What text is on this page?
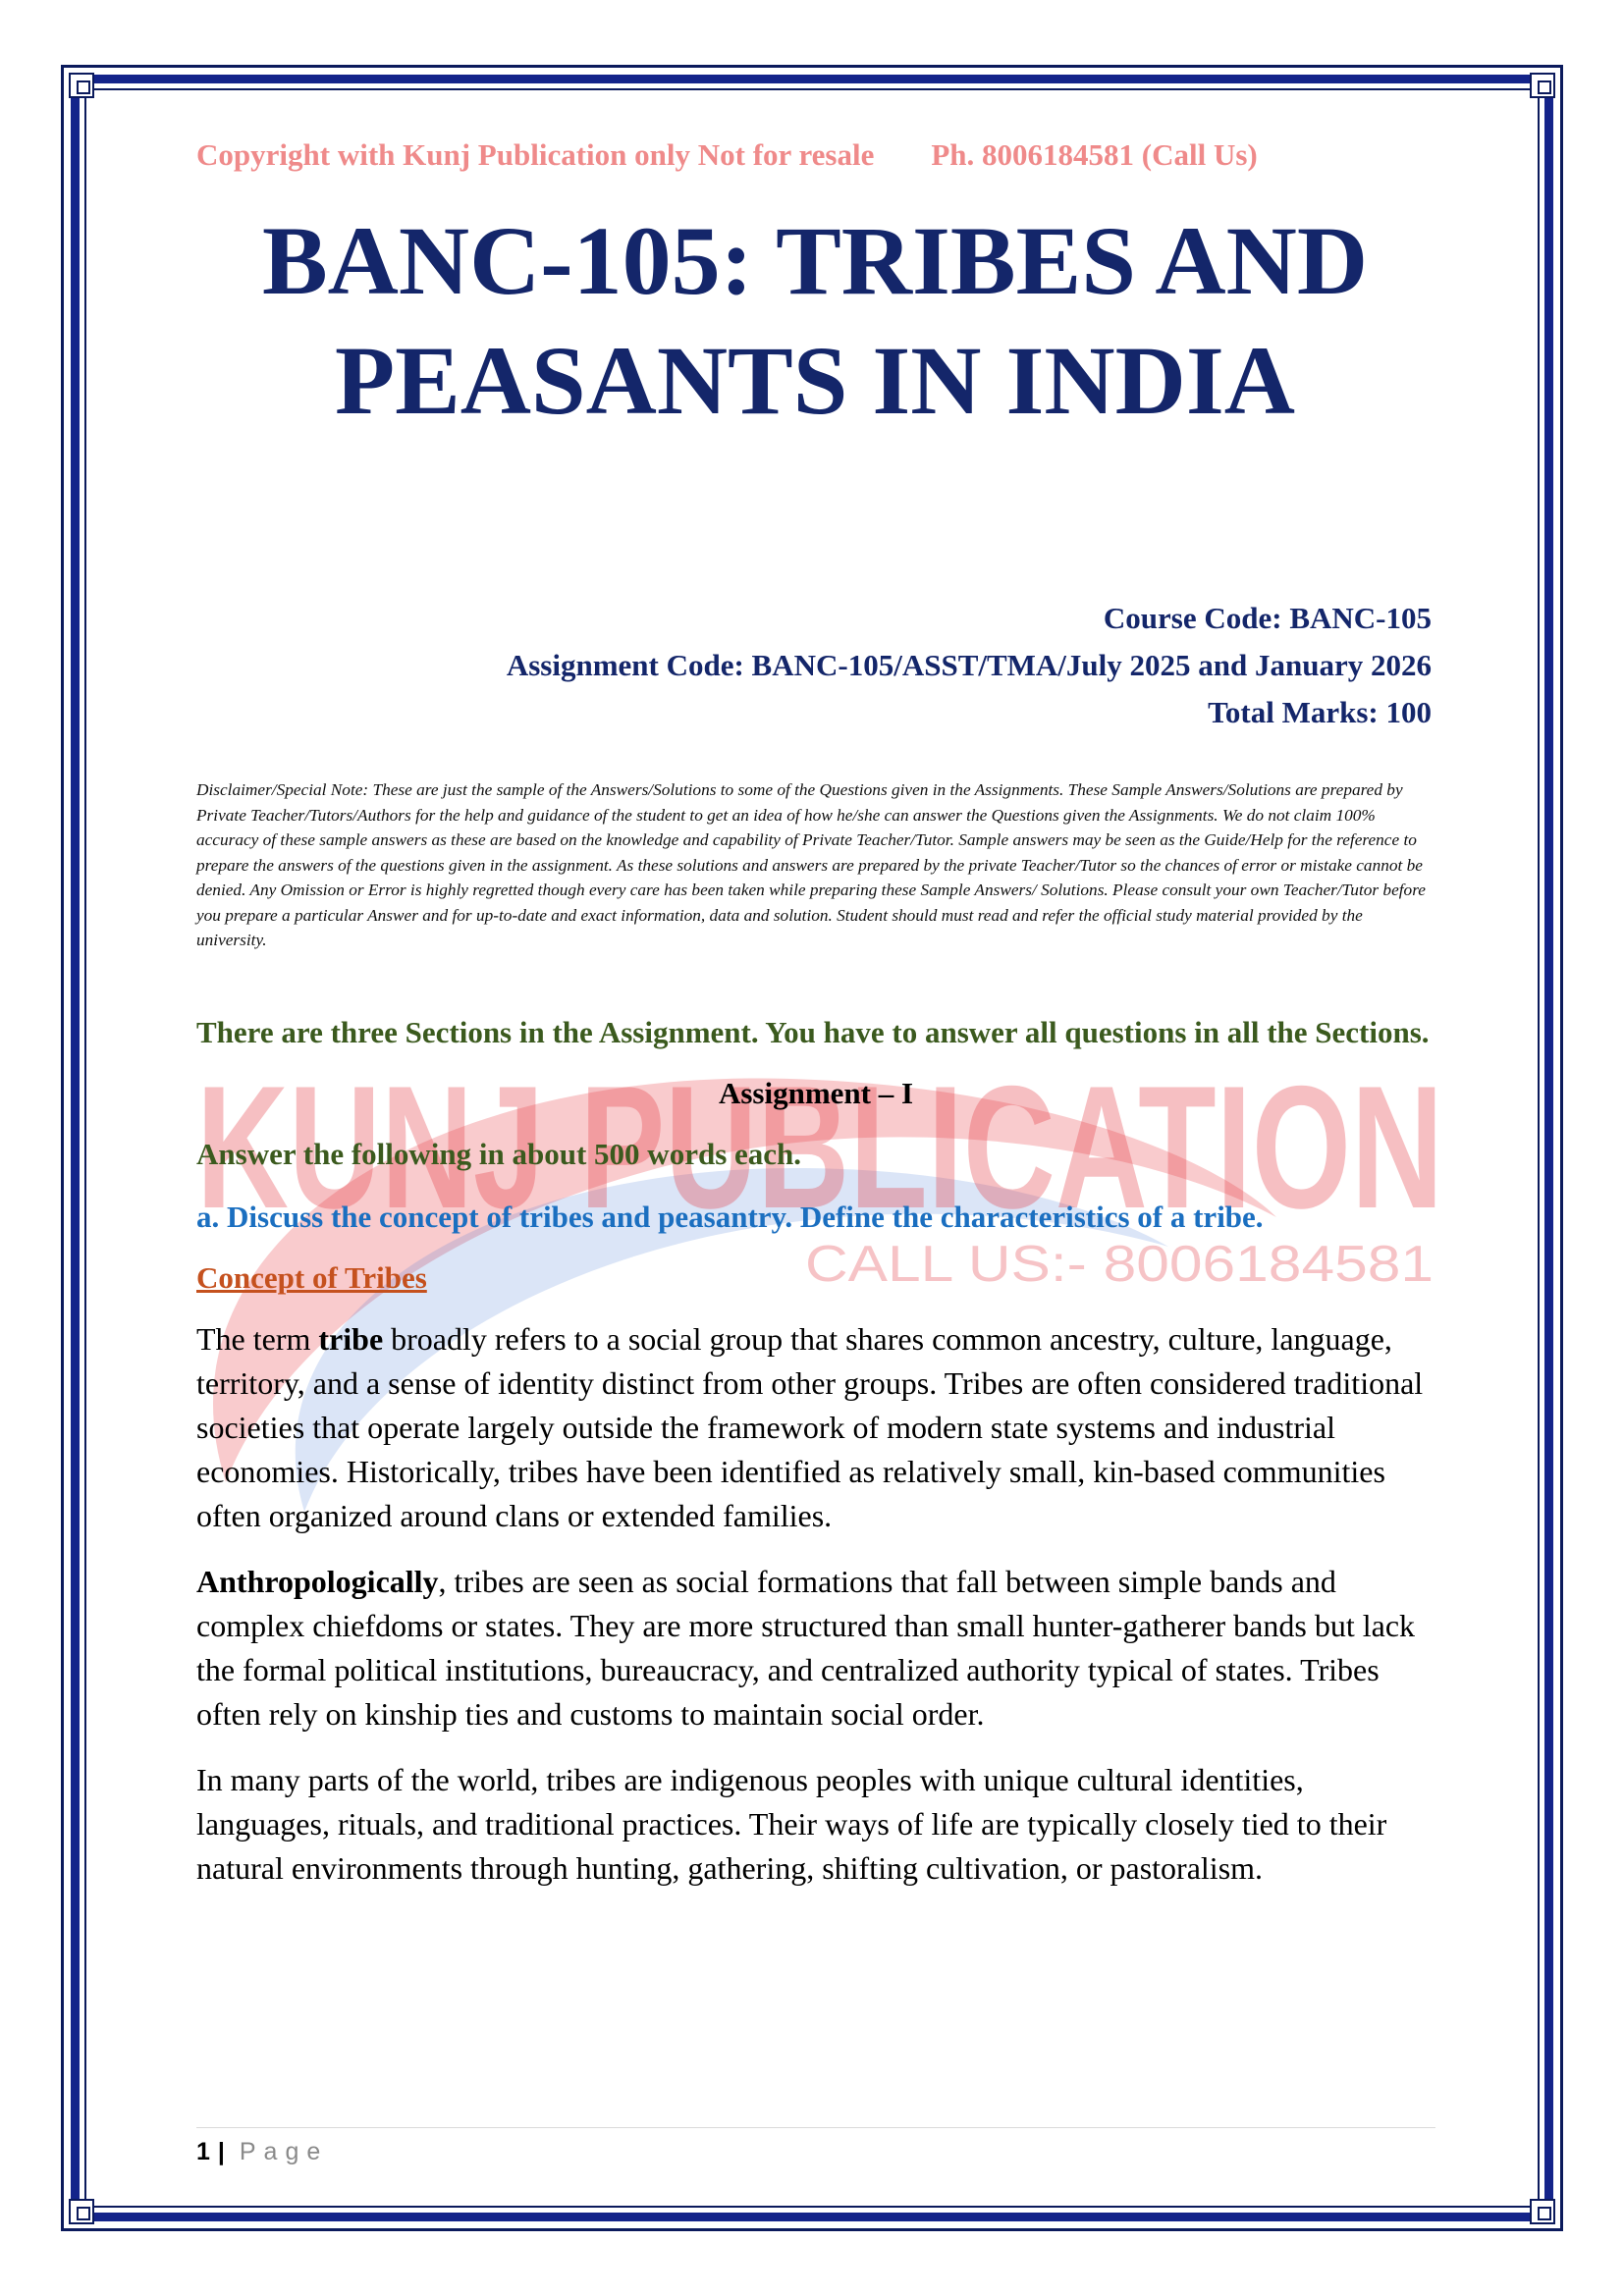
KUNJ PUBLICATION
CALL US:- 8006184581
Copyright with Kunj Publication only Not for resale Ph. 8006184581 (Call Us)
BANC-105: TRIBES AND
PEASANTS IN INDIA
Course Code: BANC-105
Assignment Code: BANC-105/ASST/TMA/July 2025 and January 2026
Total Marks: 100
Disclaimer/Special Note: These are just the sample of the Answers/Solutions to some of the Questions given in the Assignments. These Sample Answers/Solutions are prepared by Private Teacher/Tutors/Authors for the help and guidance of the student to get an idea of how he/she can answer the Questions given the Assignments. We do not claim 100% accuracy of these sample answers as these are based on the knowledge and capability of Private Teacher/Tutor. Sample answers may be seen as the Guide/Help for the reference to prepare the answers of the questions given in the assignment. As these solutions and answers are prepared by the private Teacher/Tutor so the chances of error or mistake cannot be denied. Any Omission or Error is highly regretted though every care has been taken while preparing these Sample Answers/ Solutions. Please consult your own Teacher/Tutor before you prepare a particular Answer and for up-to-date and exact information, data and solution. Student should must read and refer the official study material provided by the university.

There are three Sections in the Assignment. You have to answer all questions in all the Sections.

Assignment – I

Answer the following in about 500 words each.

a. Discuss the concept of tribes and peasantry. Define the characteristics of a tribe.

Concept of Tribes

The term tribe broadly refers to a social group that shares common ancestry, culture, language, territory, and a sense of identity distinct from other groups. Tribes are often considered traditional societies that operate largely outside the framework of modern state systems and industrial economies. Historically, tribes have been identified as relatively small, kin-based communities often organized around clans or extended families.

Anthropologically, tribes are seen as social formations that fall between simple bands and complex chiefdoms or states. They are more structured than small hunter-gatherer bands but lack the formal political institutions, bureaucracy, and centralized authority typical of states. Tribes often rely on kinship ties and customs to maintain social order.

In many parts of the world, tribes are indigenous peoples with unique cultural identities, languages, rituals, and traditional practices. Their ways of life are typically closely tied to their natural environments through hunting, gathering, shifting cultivation, or pastoralism.

1 | Page
